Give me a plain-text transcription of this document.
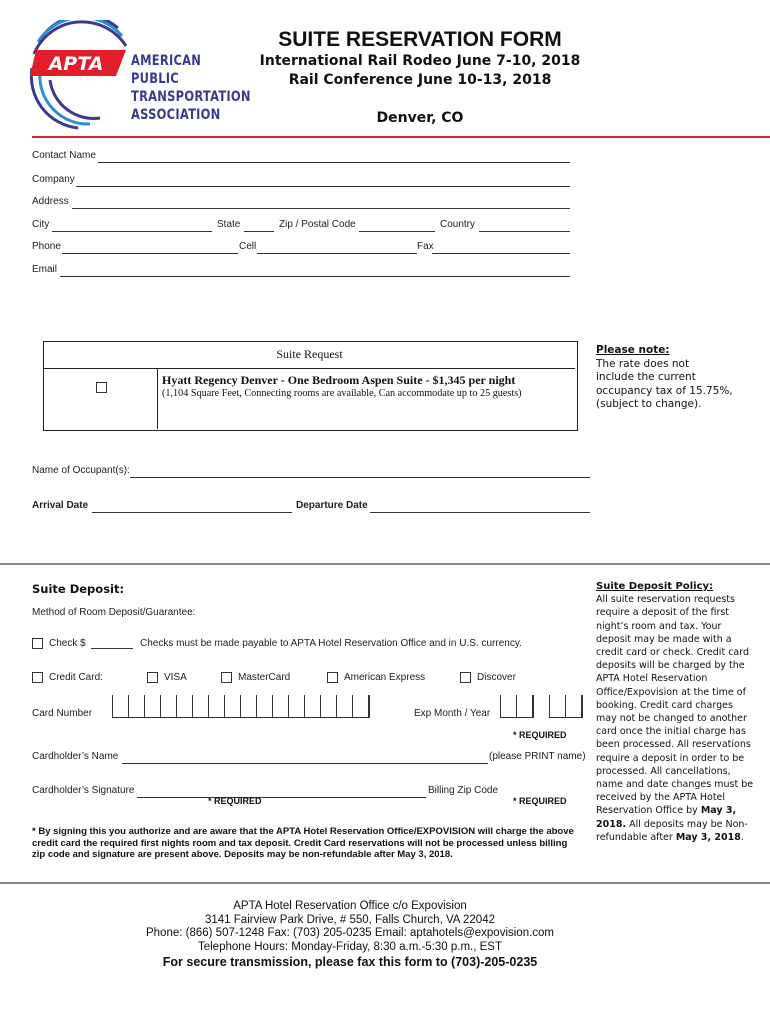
APTA AMERICAN
PUBLIC
TRANSPORTATION
ASSOCIATION
SUITE RESERVATION FORM
International Rail Rodeo June 7-10, 2018
Rail Conference June 10-13, 2018
Denver, CO
Contact Name
Company
Address
City	State	Zip / Postal Code	Country
Phone	Cell	Fax
Email
Suite Request
Hyatt Regency Denver - One Bedroom Aspen Suite - $1,345 per night
(1,104 Square Feet, Connecting rooms are available, Can accommodate up to 25 guests)
Please note:
The rate does not
include the current
occupancy tax of 15.75%,
(subject to change).
Name of Occupant(s):
Arrival Date	Departure Date
Suite Deposit:
Method of Room Deposit/Guarantee:
Check $	Checks must be made payable to APTA Hotel Reservation Office and in U.S. currency.
Credit Card:	VISA	MasterCard	American Express	Discover
Card Number	Exp Month / Year
* REQUIRED
Cardholder’s Name	(please PRINT name)
Cardholder’s Signature	Billing Zip Code
* REQUIRED	* REQUIRED
* By signing this you authorize and are aware that the APTA Hotel Reservation Office/EXPOVISION will charge the above credit card the required first nights room and tax deposit. Credit Card reservations will not be processed unless billing zip code and signature are present above. Deposits may be non-refundable after May 3, 2018.
Suite Deposit Policy:
All suite reservation requests require a deposit of the first night’s room and tax. Your deposit may be made with a credit card or check. Credit card deposits will be charged by the APTA Hotel Reservation Office/Expovision at the time of booking. Credit card charges may not be changed to another card once the initial charge has been processed. All reservations require a deposit in order to be processed. All cancellations, name and date changes must be received by the APTA Hotel Reservation Office by May 3, 2018. All deposits may be Non-refundable after May 3, 2018.
APTA Hotel Reservation Office c/o Expovision
3141 Fairview Park Drive, # 550, Falls Church, VA 22042
Phone: (866) 507-1248 Fax: (703) 205-0235 Email: aptahotels@expovision.com
Telephone Hours: Monday-Friday, 8:30 a.m.-5:30 p.m., EST
For secure transmission, please fax this form to (703)-205-0235
